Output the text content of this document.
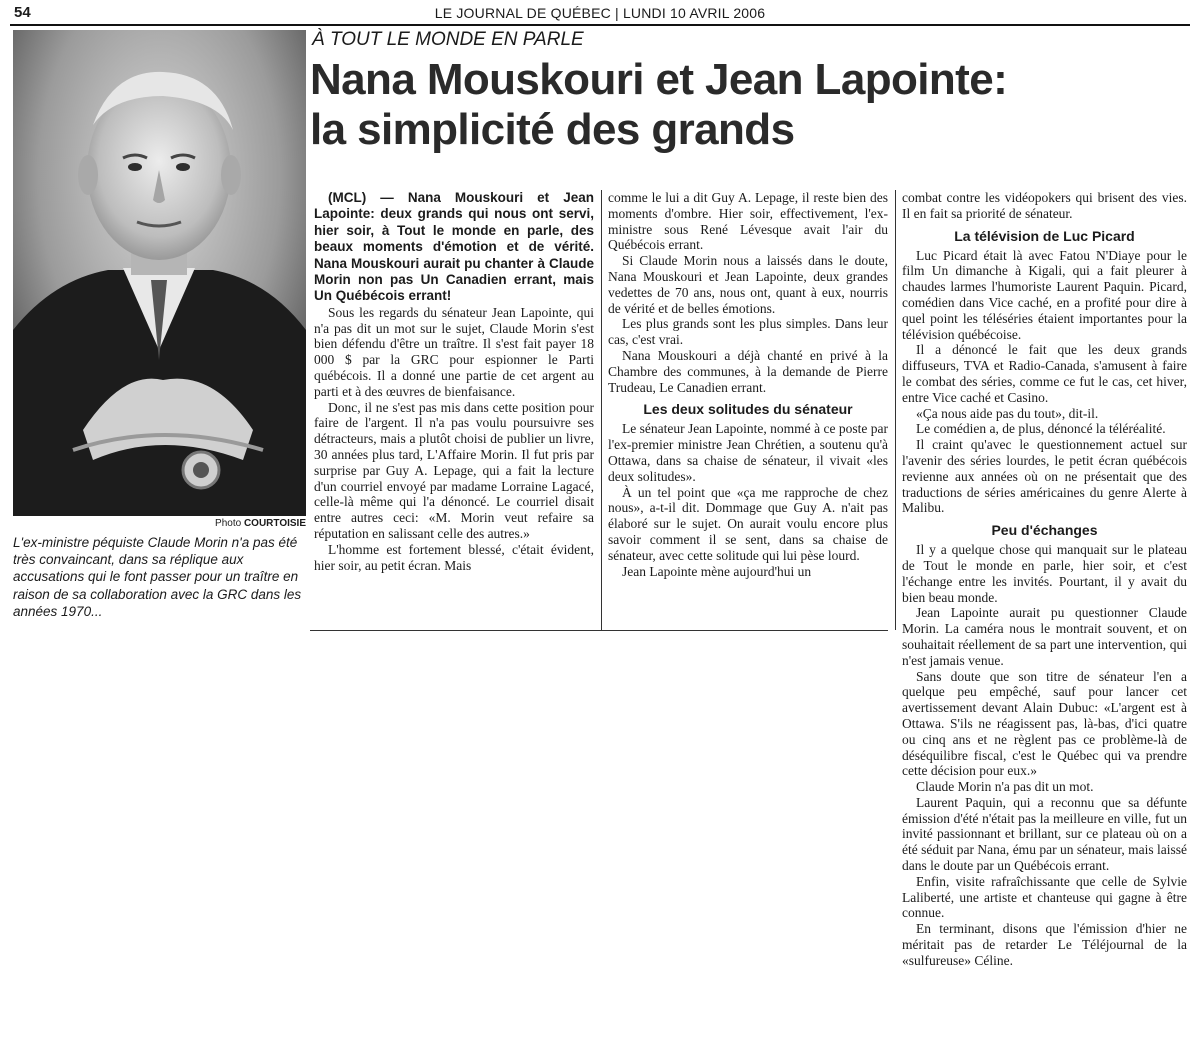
54	LE JOURNAL DE QUÉBEC | LUNDI 10 AVRIL 2006
Photo COURTOISIE
L'ex-ministre péquiste Claude Morin n'a pas été très convaincant, dans sa réplique aux accusations qui le font passer pour un traître en raison de sa collaboration avec la GRC dans les années 1970...
À TOUT LE MONDE EN PARLE
Nana Mouskouri et Jean Lapointe:
la simplicité des grands

(MCL) — Nana Mouskouri et Jean Lapointe: deux grands qui nous ont servi, hier soir, à Tout le monde en parle, des beaux moments d'émotion et de vérité. Nana Mouskouri aurait pu chanter à Claude Morin non pas Un Canadien errant, mais Un Québécois errant!

Sous les regards du sénateur Jean Lapointe, qui n'a pas dit un mot sur le sujet, Claude Morin s'est bien défendu d'être un traître. Il s'est fait payer 18 000 $ par la GRC pour espionner le Parti québécois. Il a donné une partie de cet argent au parti et à des œuvres de bienfaisance.

Donc, il ne s'est pas mis dans cette position pour faire de l'argent. Il n'a pas voulu poursuivre ses détracteurs, mais a plutôt choisi de publier un livre, 30 années plus tard, L'Affaire Morin. Il fut pris par surprise par Guy A. Lepage, qui a fait la lecture d'un courriel envoyé par madame Lorraine Lagacé, celle-là même qui l'a dénoncé. Le courriel disait entre autres ceci: «M. Morin veut refaire sa réputation en salissant celle des autres.»

L'homme est fortement blessé, c'était évident, hier soir, au petit écran. Mais

comme le lui a dit Guy A. Lepage, il reste bien des moments d'ombre. Hier soir, effectivement, l'ex-ministre sous René Lévesque avait l'air du Québécois errant.

Si Claude Morin nous a laissés dans le doute, Nana Mouskouri et Jean Lapointe, deux grandes vedettes de 70 ans, nous ont, quant à eux, nourris de vérité et de belles émotions.

Les plus grands sont les plus simples. Dans leur cas, c'est vrai.

Nana Mouskouri a déjà chanté en privé à la Chambre des communes, à la demande de Pierre Trudeau, Le Canadien errant.

Les deux solitudes du sénateur

Le sénateur Jean Lapointe, nommé à ce poste par l'ex-premier ministre Jean Chrétien, a soutenu qu'à Ottawa, dans sa chaise de sénateur, il vivait «les deux solitudes».

À un tel point que «ça me rapproche de chez nous», a-t-il dit. Dommage que Guy A. n'ait pas élaboré sur le sujet. On aurait voulu encore plus savoir comment il se sent, dans sa chaise de sénateur, avec cette solitude qui lui pèse lourd.

Jean Lapointe mène aujourd'hui un

combat contre les vidéopokers qui brisent des vies. Il en fait sa priorité de sénateur.

La télévision de Luc Picard

Luc Picard était là avec Fatou N'Diaye pour le film Un dimanche à Kigali, qui a fait pleurer à chaudes larmes l'humoriste Laurent Paquin. Picard, comédien dans Vice caché, en a profité pour dire à quel point les téléséries étaient importantes pour la télévision québécoise.

Il a dénoncé le fait que les deux grands diffuseurs, TVA et Radio-Canada, s'amusent à faire le combat des séries, comme ce fut le cas, cet hiver, entre Vice caché et Casino.

«Ça nous aide pas du tout», dit-il.

Le comédien a, de plus, dénoncé la téléréalité.

Il craint qu'avec le questionnement actuel sur l'avenir des séries lourdes, le petit écran québécois revienne aux années où on ne présentait que des traductions de séries américaines du genre Alerte à Malibu.

Peu d'échanges

Il y a quelque chose qui manquait sur le plateau de Tout le monde en parle, hier soir, et c'est l'échange entre les invités. Pourtant, il y avait du bien beau monde.

Jean Lapointe aurait pu questionner Claude Morin. La caméra nous le montrait souvent, et on souhaitait réellement de sa part une intervention, qui n'est jamais venue.

Sans doute que son titre de sénateur l'en a quelque peu empêché, sauf pour lancer cet avertissement devant Alain Dubuc: «L'argent est à Ottawa. S'ils ne réagissent pas, là-bas, d'ici quatre ou cinq ans et ne règlent pas ce problème-là de déséquilibre fiscal, c'est le Québec qui va prendre cette décision pour eux.»

Claude Morin n'a pas dit un mot.

Laurent Paquin, qui a reconnu que sa défunte émission d'été n'était pas la meilleure en ville, fut un invité passionnant et brillant, sur ce plateau où on a été séduit par Nana, ému par un sénateur, mais laissé dans le doute par un Québécois errant.

Enfin, visite rafraîchissante que celle de Sylvie Laliberté, une artiste et chanteuse qui gagne à être connue.

En terminant, disons que l'émission d'hier ne méritait pas de retarder Le Téléjournal de la «sulfureuse» Céline.
